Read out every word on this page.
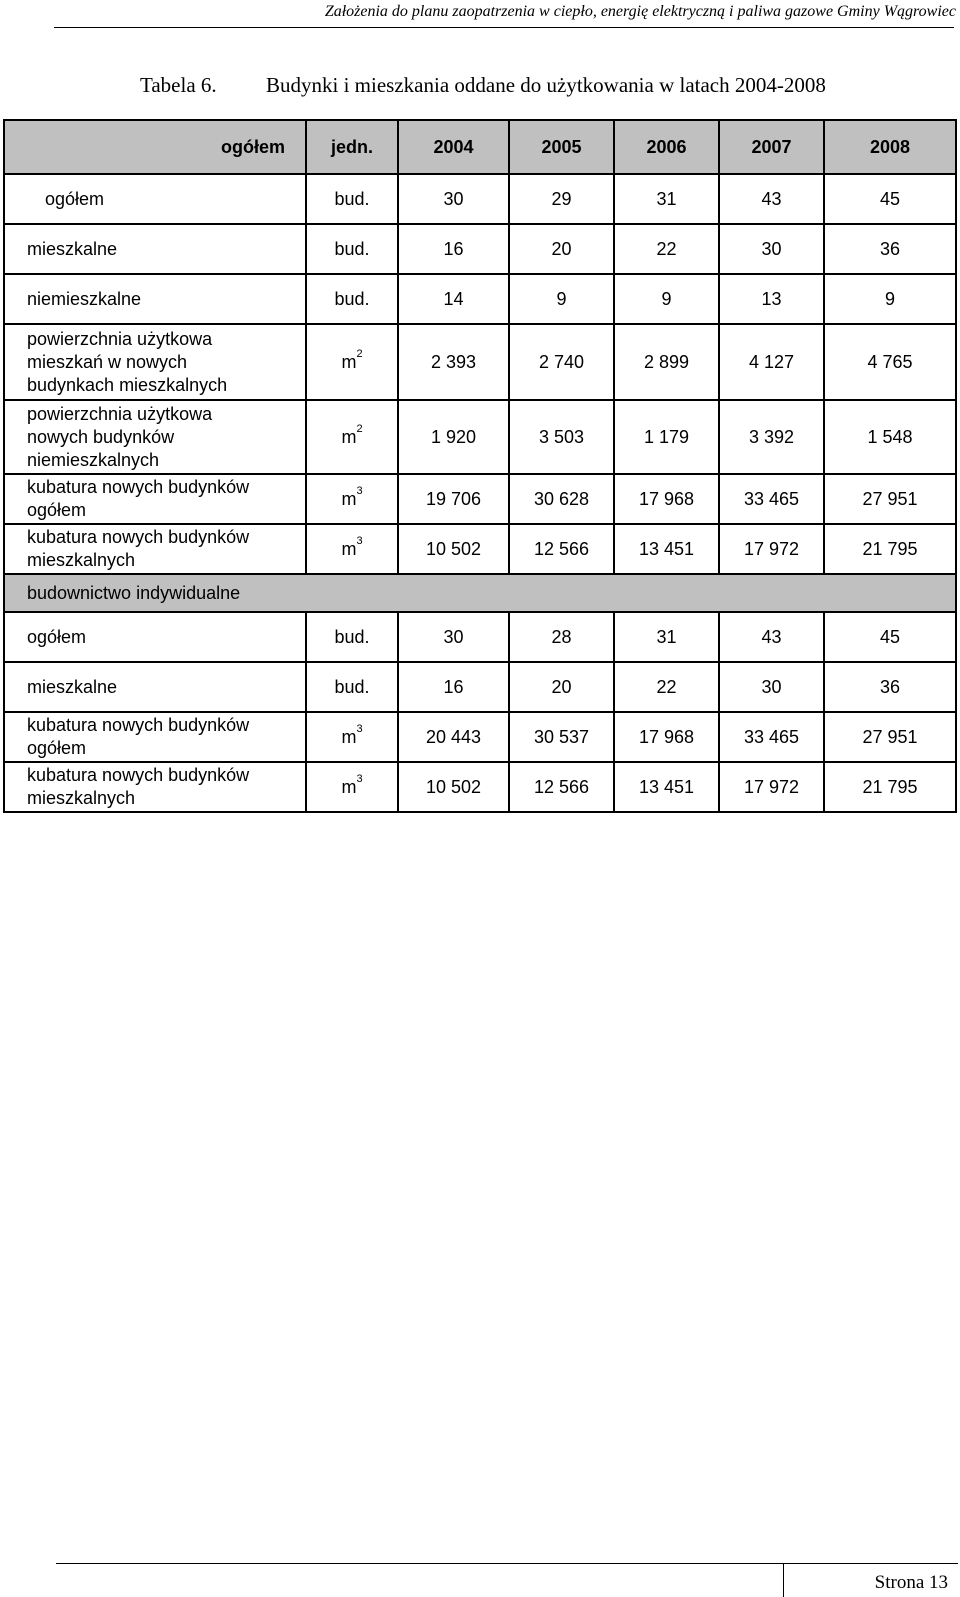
Założenia do planu zaopatrzenia w ciepło, energię elektryczną i paliwa gazowe Gminy Wągrowiec
Tabela 6. Budynki i mieszkania oddane do użytkowania w latach 2004-2008
ogółem	jedn.	2004	2005	2006	2007	2008
ogółem	bud.	30	29	31	43	45
mieszkalne	bud.	16	20	22	30	36
niemieszkalne	bud.	14	9	9	13	9

powierzchnia użytkowa
mieszkań w nowych
budynkach mieszkalnych	$m^2$	2 393	2 740	2 899	4 127	4 765

powierzchnia użytkowa
nowych budynków
niemieszkalnych	$m^2$	1 920	3 503	1 179	3 392	1 548

kubatura nowych budynków
ogółem	$m^3$	19 706	30 628	17 968	33 465	27 951

kubatura nowych budynków
mieszkalnych	$m^3$	10 502	12 566	13 451	17 972	21 795
budownictwo indywidualne						
ogółem	bud.	30	28	31	43	45
mieszkalne	bud.	16	20	22	30	36

kubatura nowych budynków
ogółem	$m^3$	20 443	30 537	17 968	33 465	27 951

kubatura nowych budynków
mieszkalnych	$m^3$	10 502	12 566	13 451	17 972	21 795
Strona 13
